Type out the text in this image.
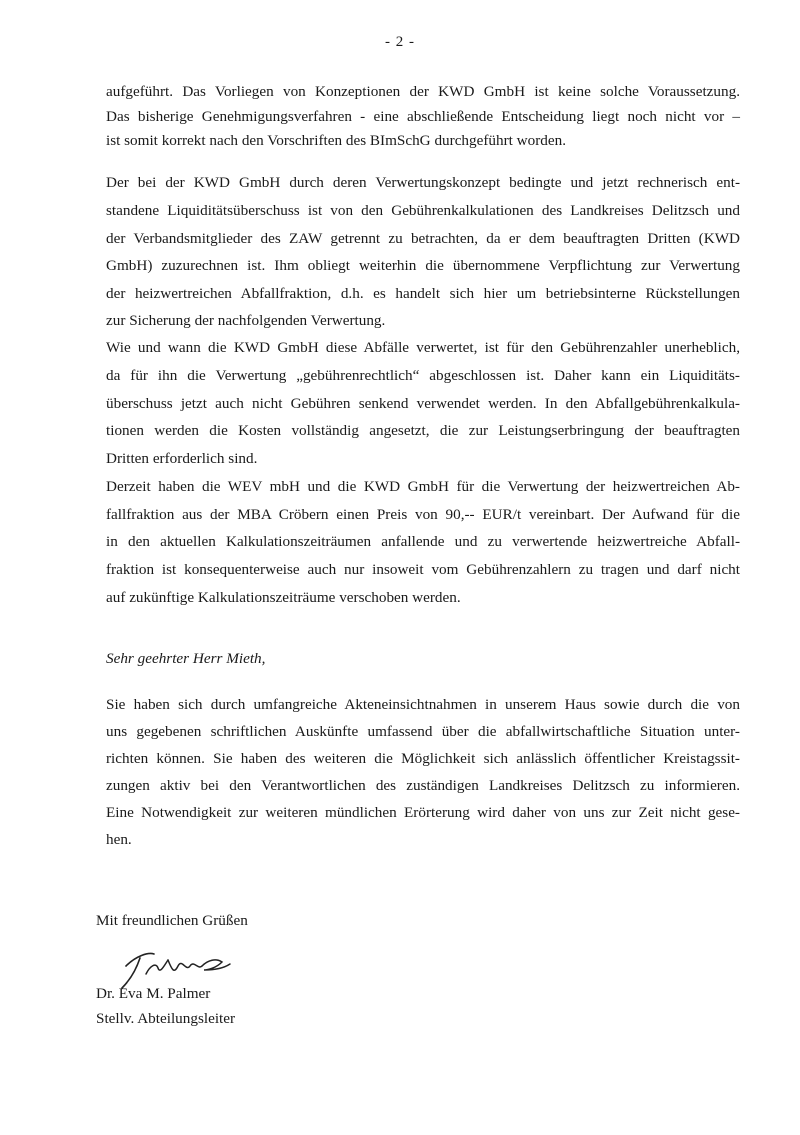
- 2 -
aufgeführt. Das Vorliegen von Konzeptionen der KWD GmbH ist keine solche Voraussetzung.
Das bisherige Genehmigungsverfahren - eine abschließende Entscheidung liegt noch nicht vor –
ist somit korrekt nach den Vorschriften des BImSchG durchgeführt worden.
Der bei der KWD GmbH durch deren Verwertungskonzept bedingte und jetzt rechnerisch ent-
standene Liquiditätsüberschuss ist von den Gebührenkalkulationen des Landkreises Delitzsch und
der Verbandsmitglieder des ZAW getrennt zu betrachten, da er dem beauftragten Dritten (KWD
GmbH) zuzurechnen ist. Ihm obliegt weiterhin die übernommene Verpflichtung zur Verwertung
der heizwertreichen Abfallfraktion, d.h. es handelt sich hier um betriebsinterne Rückstellungen
zur Sicherung der nachfolgenden Verwertung.
Wie und wann die KWD GmbH diese Abfälle verwertet, ist für den Gebührenzahler unerheblich,
da für ihn die Verwertung „gebührenrechtlich“ abgeschlossen ist. Daher kann ein Liquiditäts-
überschuss jetzt auch nicht Gebühren senkend verwendet werden. In den Abfallgebührenkalkula-
tionen werden die Kosten vollständig angesetzt, die zur Leistungserbringung der beauftragten
Dritten erforderlich sind.
Derzeit haben die WEV mbH und die KWD GmbH für die Verwertung der heizwertreichen Ab-
fallfraktion aus der MBA Cröbern einen Preis von 90,-- EUR/t vereinbart. Der Aufwand für die
in den aktuellen Kalkulationszeiträumen anfallende und zu verwertende heizwertreiche Abfall-
fraktion ist konsequenterweise auch nur insoweit vom Gebührenzahlern zu tragen und darf nicht
auf zukünftige Kalkulationszeiträume verschoben werden.
Sehr geehrter Herr Mieth,
Sie haben sich durch umfangreiche Akteneinsichtnahmen in unserem Haus sowie durch die von
uns gegebenen schriftlichen Auskünfte umfassend über die abfallwirtschaftliche Situation unter-
richten können. Sie haben des weiteren die Möglichkeit sich anlässlich öffentlicher Kreistagssit-
zungen aktiv bei den Verantwortlichen des zuständigen Landkreises Delitzsch zu informieren.
Eine Notwendigkeit zur weiteren mündlichen Erörterung wird daher von uns zur Zeit nicht gese-
hen.
Mit freundlichen Grüßen
Dr. Eva M. Palmer
Stellv. Abteilungsleiter
